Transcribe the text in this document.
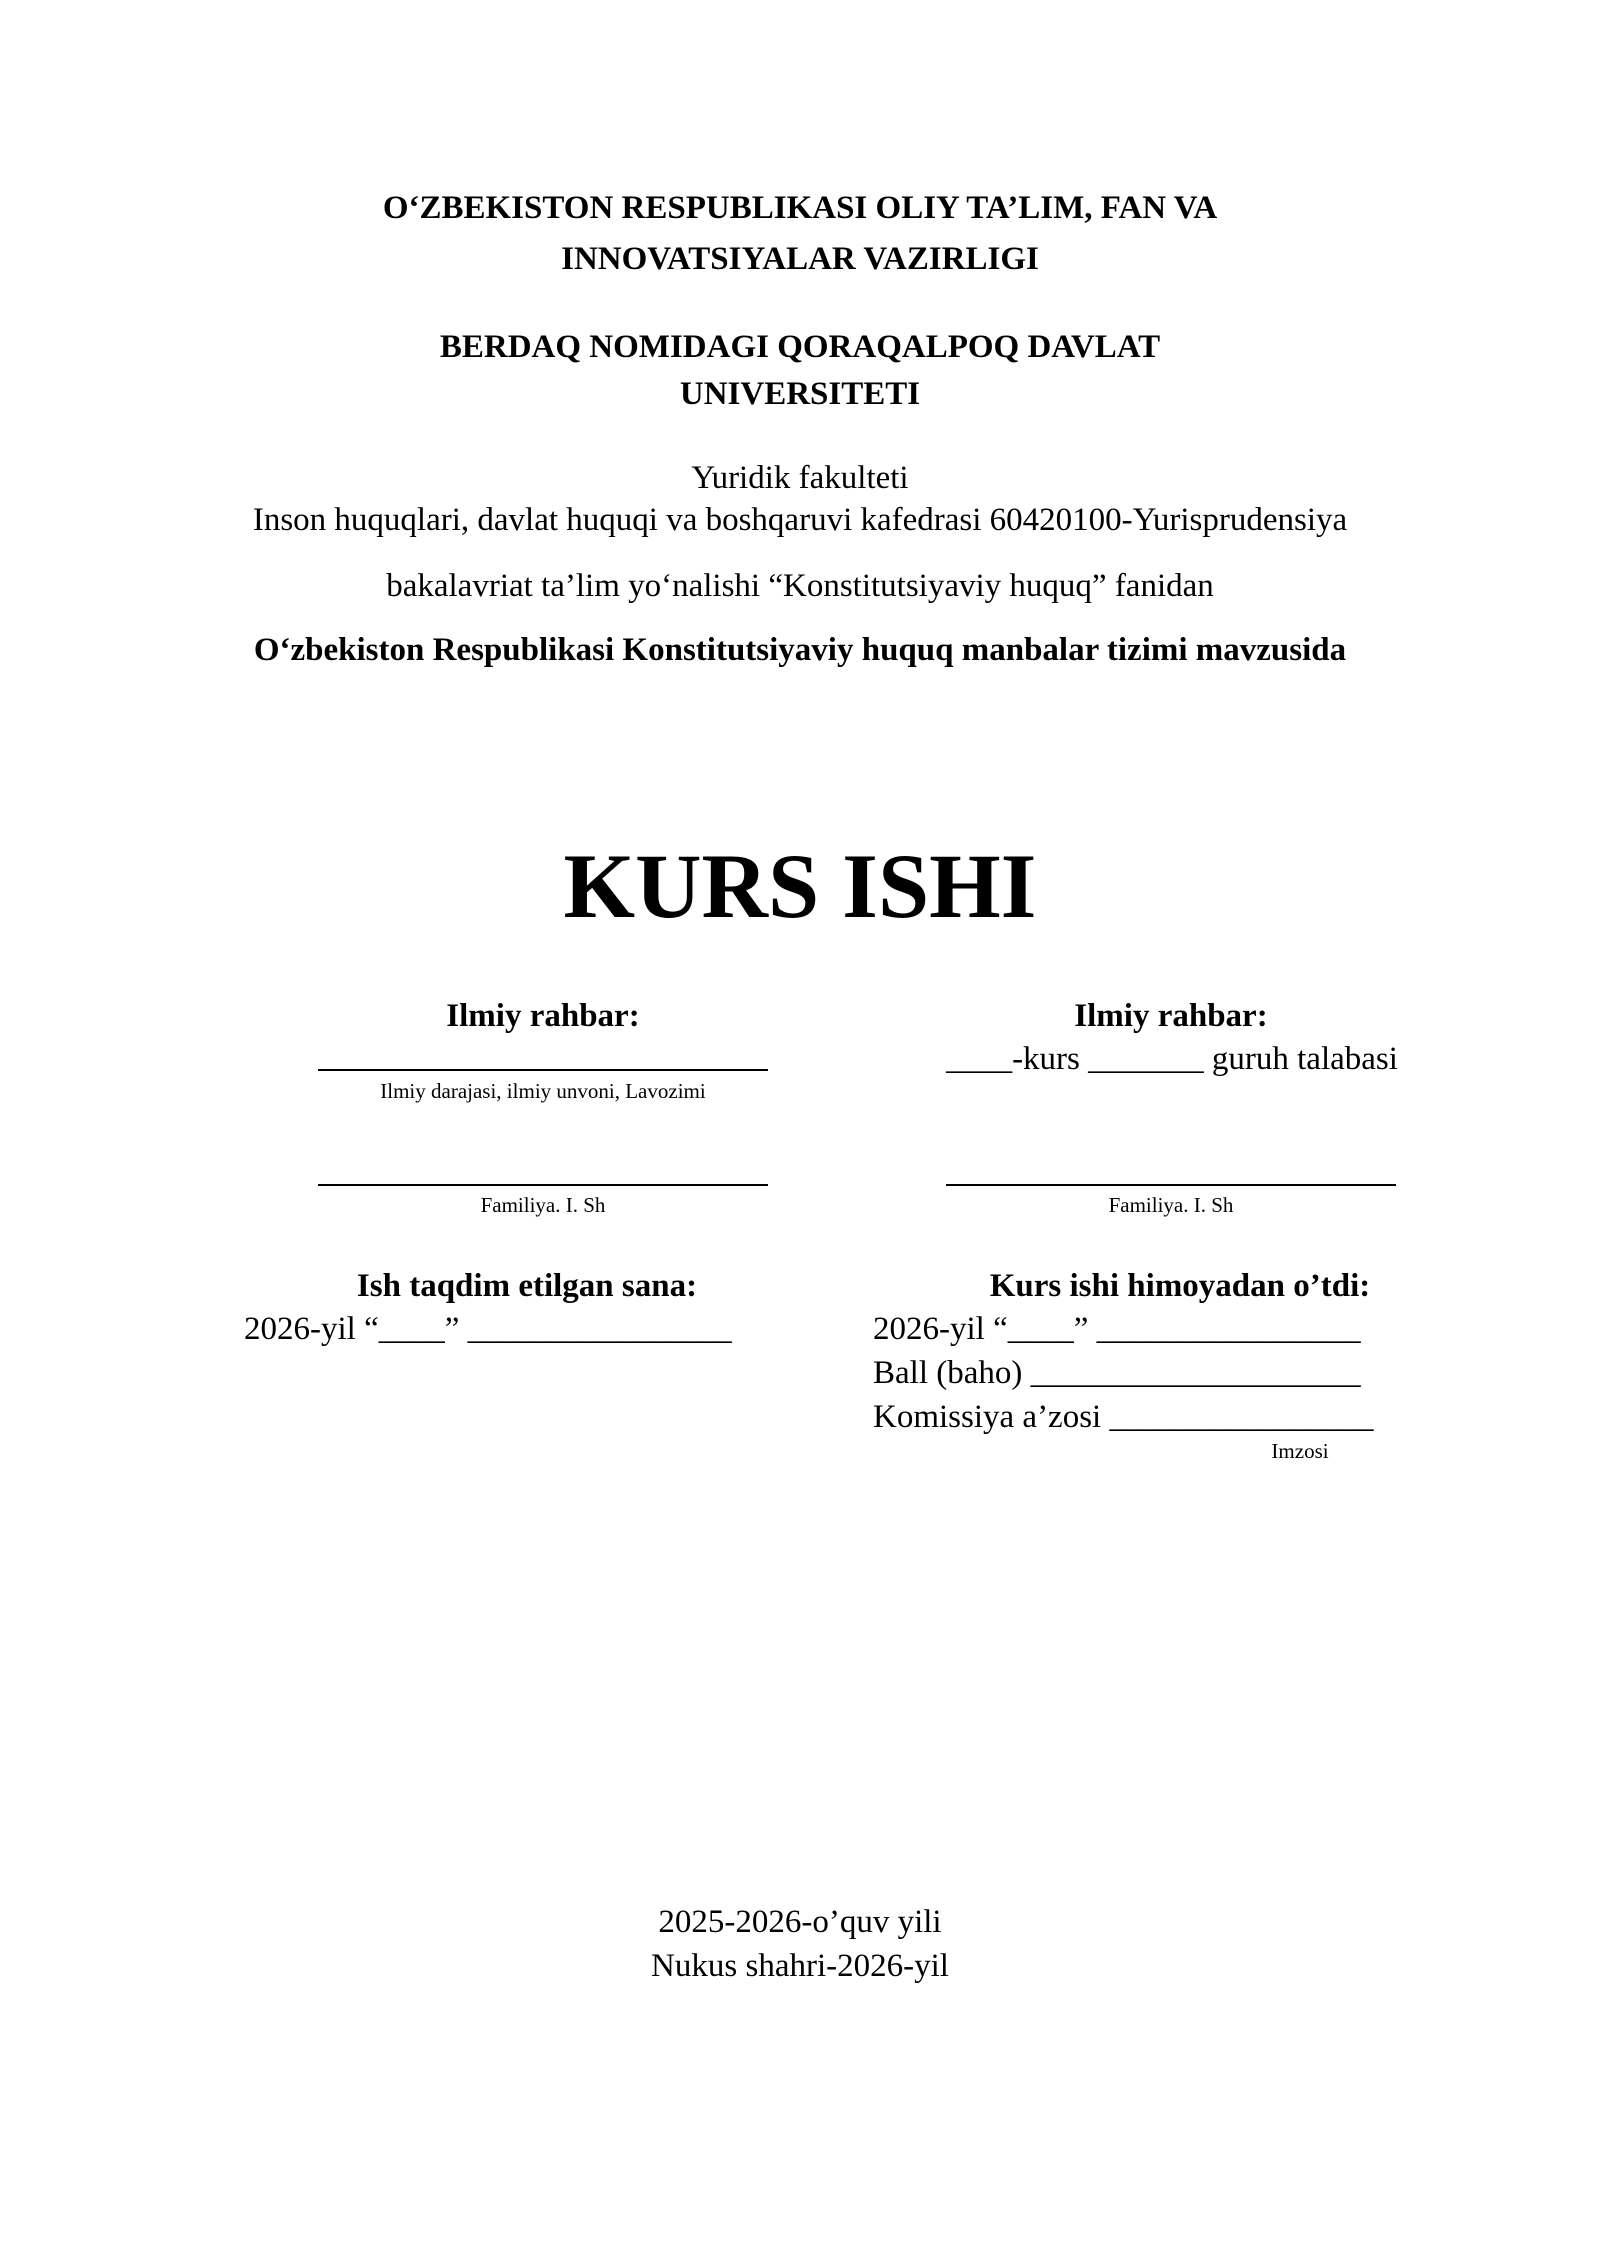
O‘ZBEKISTON RESPUBLIKASI OLIY TA’LIM, FAN VA
INNOVATSIYALAR VAZIRLIGI
BERDAQ NOMIDAGI QORAQALPOQ DAVLAT
UNIVERSITETI
Yuridik fakulteti
Inson huquqlari, davlat huquqi va boshqaruvi kafedrasi 60420100-Yurisprudensiya
bakalavriat ta’lim yo‘nalishi “Konstitutsiyaviy huquq” fanidan
O‘zbekiston Respublikasi Konstitutsiyaviy huquq manbalar tizimi mavzusida
KURS ISHI
Ilmiy rahbar:
Ilmiy darajasi, ilmiy unvoni, Lavozimi
Familiya. I. Sh
Ilmiy rahbar:
____-kurs _______ guruh talabasi
Familiya. I. Sh
Ish taqdim etilgan sana:
2026-yil “____” ________________
Kurs ishi himoyadan o’tdi:
2026-yil “____” ________________
Ball (baho) ____________________
Komissiya a’zosi ________________
Imzosi
2025-2026-o’quv yili
Nukus shahri-2026-yil
